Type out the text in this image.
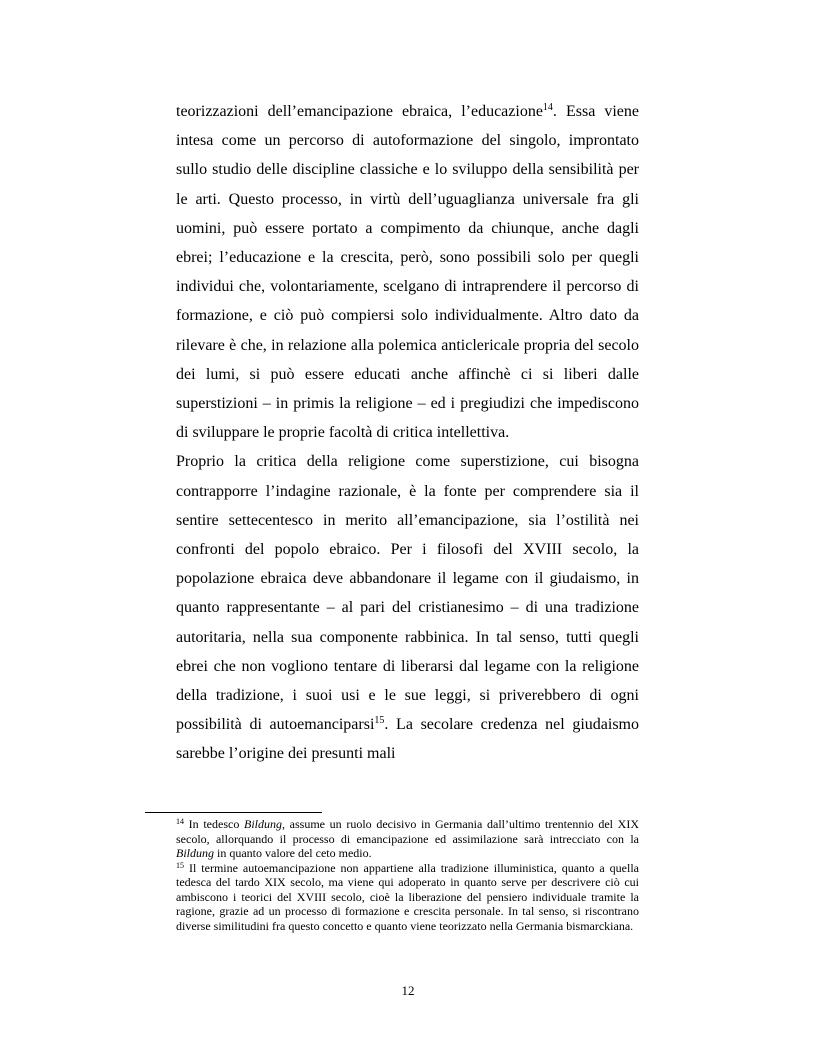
teorizzazioni dell’emancipazione ebraica, l’educazione$^{14}$. Essa viene intesa come un percorso di autoformazione del singolo, improntato sullo studio delle discipline classiche e lo sviluppo della sensibilità per le arti. Questo processo, in virtù dell’uguaglianza universale fra gli uomini, può essere portato a compimento da chiunque, anche dagli ebrei; l’educazione e la crescita, però, sono possibili solo per quegli individui che, volontariamente, scelgano di intraprendere il percorso di formazione, e ciò può compiersi solo individualmente. Altro dato da rilevare è che, in relazione alla polemica anticlericale propria del secolo dei lumi, si può essere educati anche affinchè ci si liberi dalle superstizioni – in primis la religione – ed i pregiudizi che impediscono di sviluppare le proprie facoltà di critica intellettiva.

Proprio la critica della religione come superstizione, cui bisogna contrapporre l’indagine razionale, è la fonte per comprendere sia il sentire settecentesco in merito all’emancipazione, sia l’ostilità nei confronti del popolo ebraico. Per i filosofi del XVIII secolo, la popolazione ebraica deve abbandonare il legame con il giudaismo, in quanto rappresentante – al pari del cristianesimo – di una tradizione autoritaria, nella sua componente rabbinica. In tal senso, tutti quegli ebrei che non vogliono tentare di liberarsi dal legame con la religione della tradizione, i suoi usi e le sue leggi, si priverebbero di ogni possibilità di autoemanciparsi$^{15}$. La secolare credenza nel giudaismo sarebbe l’origine dei presunti mali

$^{14}$ In tedesco Bildung, assume un ruolo decisivo in Germania dall’ultimo trentennio del XIX secolo, allorquando il processo di emancipazione ed assimilazione sarà intrecciato con la Bildung in quanto valore del ceto medio.

$^{15}$ Il termine autoemancipazione non appartiene alla tradizione illuministica, quanto a quella tedesca del tardo XIX secolo, ma viene qui adoperato in quanto serve per descrivere ciò cui ambiscono i teorici del XVIII secolo, cioè la liberazione del pensiero individuale tramite la ragione, grazie ad un processo di formazione e crescita personale. In tal senso, si riscontrano diverse similitudini fra questo concetto e quanto viene teorizzato nella Germania bismarckiana.

12
